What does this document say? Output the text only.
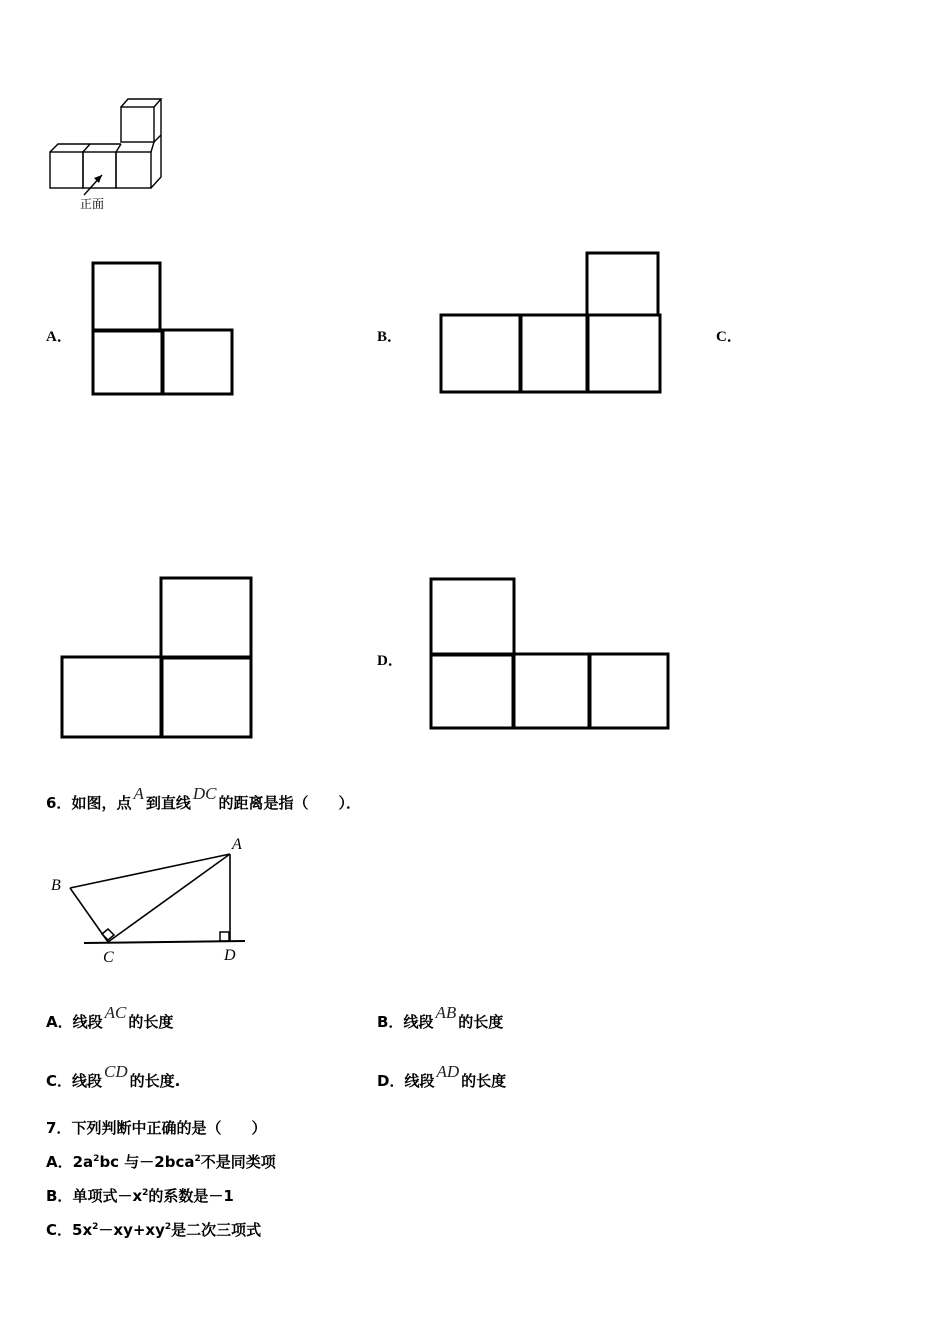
正面
A．	B．	C．
D．
6．如图，点 A 到直线 DC 的距离是指（　　）．
A
B
C	D
A．线段 AC 的长度	B．线段 AB 的长度
C．线段 CD 的长度.	D．线段 AD 的长度
7．下列判断中正确的是（　　）
A．$2a^2bc$ 与－2bca$^2$不是同类项
B．单项式$-x^2$的系数是－1
C．$5x^2-xy+xy^2$是二次三项式
